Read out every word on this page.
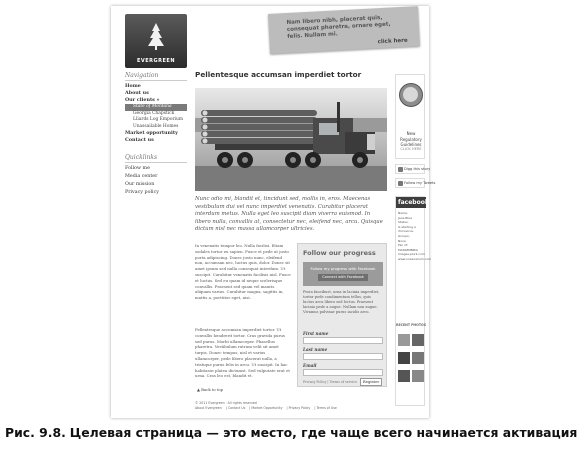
EVERGREEN
Nam libero nibh, placerat quis, consequat pharetra, ornare eget, felis. Nullam mi.
click here
Navigation
Home
About us
Our clients »
State of Montana
Georgia Chapstick
Lliards Log Emporium
Unassailable Homes
Market opportunity
Contact us
Quicklinks
Follow me
Media center
Our mission
Privacy policy
Pellentesque accumsan imperdiet tortor
Nunc odio mi, blandit et, tincidunt sed, mollis in, eros. Maecenas vestibulum dui vel nunc imperdiet venenatis. Curabitur placerat interdum metus. Nulla eget leo suscipit diam viverra euismod. In libero nulla, convallis at, consectetur nec, eleifend nec, arcu. Quisque dictum nisl nec massa ullamcorper ultricies.
In venenatis tempor leo. Nulla facilisi. Etiam sodales tortor eu sapien. Fusce et pede ut justo porta adipiscing. Donec justo nunc, eleifend non, accumsan nec, luctus quis, dolor. Donec sit amet ipsum sed nulla consequat interdum. Ut suscipit. Curabitur venenatis facilisis nisl. Fusce et luctus. Sed eu quam id neque scelerisque convallis. Praesent sed quam vel mauris aliquam varius. Curabitur magna, sagittis in, mattis a, porttitor eget, nisi.
Pellentesque accumsan imperdiet tortor. Ut convallis hendrerit tortor. Cras gravida purus sed purus. Morbi ullamcorper. Phasellus pharetra. Vestibulum rutrum velit sit amet turpis. Donec tempus, nisl et varius ullamcorper, pede libero placerat nulla, a tristique purus felis in arcu. Ut suscipit. In hac habitasse platea dictumst. Sed vulputate erat et urna. Cras leo est, blandit et.
▲ Back to top
Follow our progress
Follow my progress with Facebook
Connect with Facebook
Proin faucibust, urna in lacinia imperdiet, tortor pede condimentum tellus, quis luctus arcu libero sed lectus. Praesent lacinia pede a augue. Nullam non augue. Vivamus pulvinar purus iaculis arcu.
First name
Last name
Email
Privacy Policy | Terms of service	Register
New Regulatory Guidelines
CLICK HERE
Digg this story
Follow my Tweets
facebook
Name:
Jane Blue
Status:
Is starting a rhinovirus.
Groups:
None
Fan of:
MASSENBIRG
images.plurk.com
www.oceanarium.com
RECENT PHOTOS
© 2011 Evergreen · All rights reserved
About Evergreen | Contact Us | Market Opportunity | Privacy Policy | Terms of Use
Рис. 9.8. Целевая страница — это место, где чаще всего начинается активация
